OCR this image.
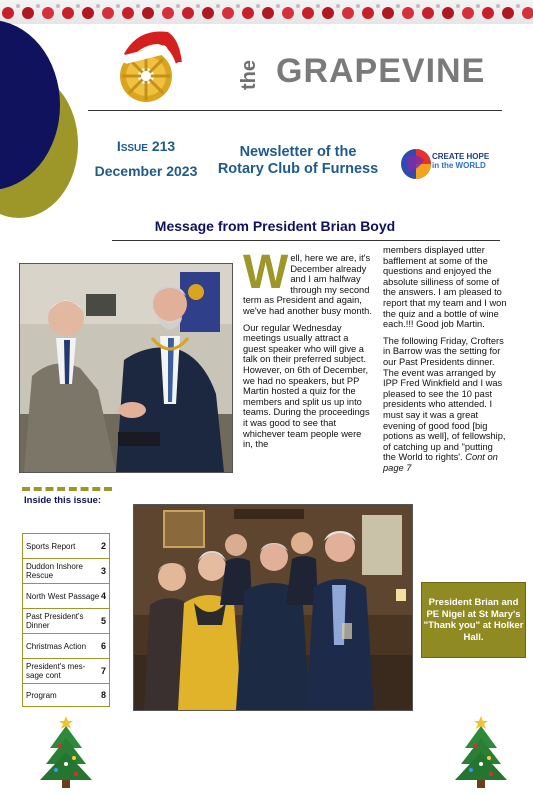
the GRAPEVINE
Issue 213
December 2023
Newsletter of the
Rotary Club of Furness
CREATE HOPE
in the WORLD
Message from President Brian Boyd

Well, here we are, it's December already and I am halfway through my second term as President and again, we've had another busy month.

Our regular Wednesday meetings usually attract a guest speaker who will give a talk on their preferred subject. However, on 6th of December, we had no speakers, but PP Martin hosted a quiz for the members and split us up into teams. During the proceedings it was good to see that whichever team people were in, the

members displayed utter bafflement at some of the questions and enjoyed the absolute silliness of some of the answers. I am pleased to report that my team and I won the quiz and a bottle of wine each.!!! Good job Martin.

The following Friday, Crofters in Barrow was the setting for our Past Presidents dinner. The event was arranged by IPP Fred Winkfield and I was pleased to see the 10 past presidents who attended. I must say it was a great evening of good food [big potions as well], of fellowship, of catching up and "putting the World to rights'. Cont on page 7

Inside this issue:
Sports Report	2
Duddon Inshore Rescue	3
North West Passage 4
Past President's Dinner	5
Christmas Action 6
President's mes-sage cont	7
Program	8
President Brian and PE Nigel at St Mary's "Thank you" at Holker Hall.
